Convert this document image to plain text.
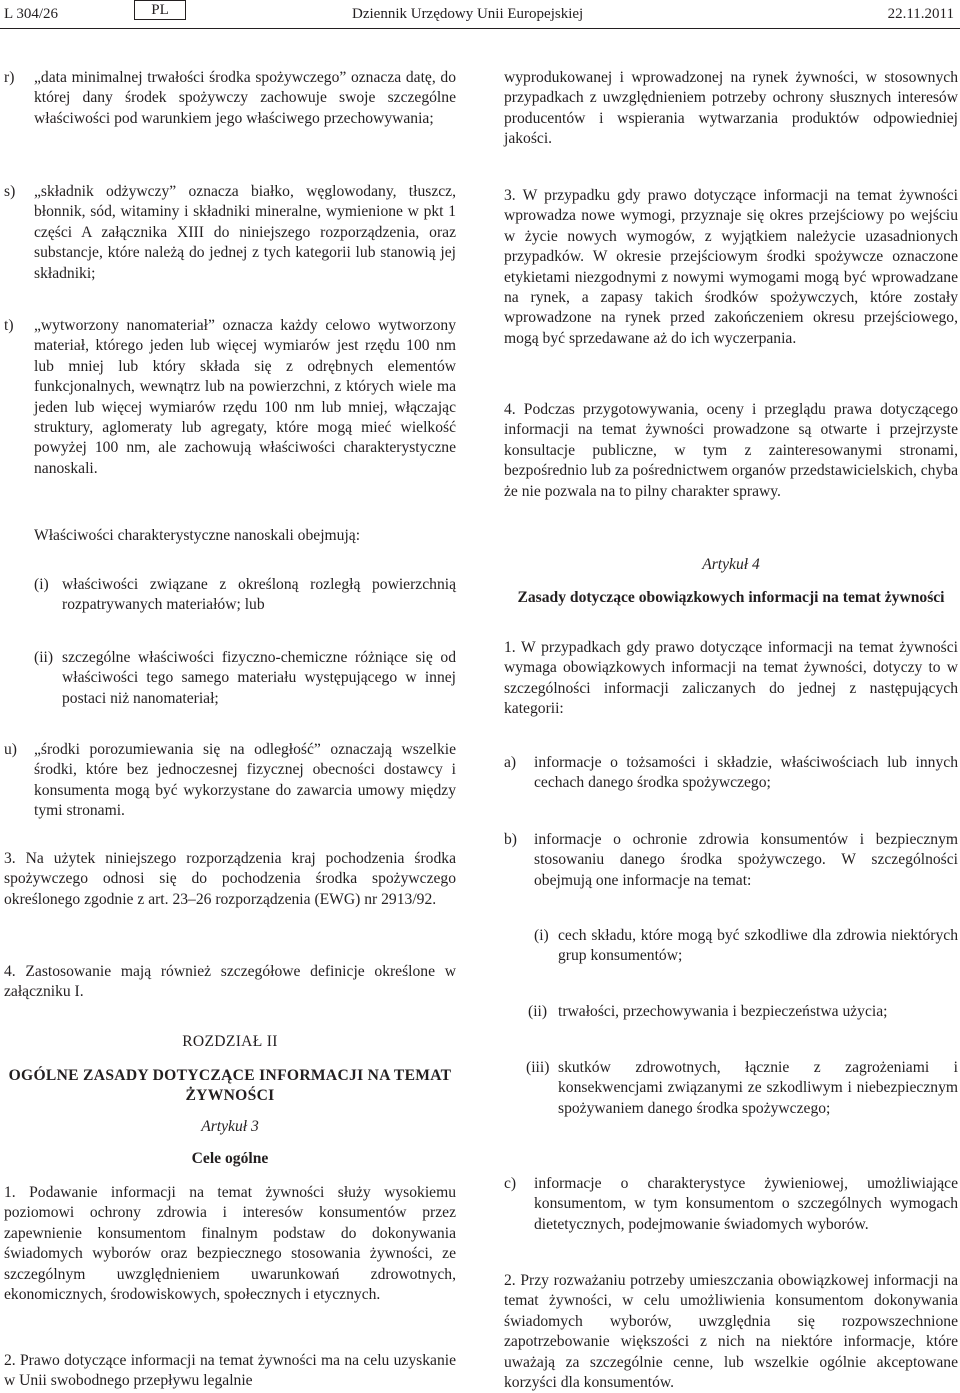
L 304/26	PL	Dziennik Urzędowy Unii Europejskiej	22.11.2011
r) „data minimalnej trwałości środka spożywczego” oznacza datę, do której dany środek spożywczy zachowuje swoje szczególne właściwości pod warunkiem jego właściwego przechowywania;
s) „składnik odżywczy” oznacza białko, węglowodany, tłuszcz, błonnik, sód, witaminy i składniki mineralne, wymienione w pkt 1 części A załącznika XIII do niniejszego rozporządzenia, oraz substancje, które należą do jednej z tych kategorii lub stanowią jej składniki;
t) „wytworzony nanomateriał” oznacza każdy celowo wytworzony materiał, którego jeden lub więcej wymiarów jest rzędu 100 nm lub mniej lub który składa się z odrębnych elementów funkcjonalnych, wewnątrz lub na powierzchni, z których wiele ma jeden lub więcej wymiarów rzędu 100 nm lub mniej, włączając struktury, aglomeraty lub agregaty, które mogą mieć wielkość powyżej 100 nm, ale zachowują właściwości charakterystyczne nanoskali.
Właściwości charakterystyczne nanoskali obejmują:
(i) właściwości związane z określoną rozległą powierzchnią rozpatrywanych materiałów; lub
(ii) szczególne właściwości fizyczno-chemiczne różniące się od właściwości tego samego materiału występującego w innej postaci niż nanomateriał;
u) „środki porozumiewania się na odległość” oznaczają wszelkie środki, które bez jednoczesnej fizycznej obecności dostawcy i konsumenta mogą być wykorzystane do zawarcia umowy między tymi stronami.
3. Na użytek niniejszego rozporządzenia kraj pochodzenia środka spożywczego odnosi się do pochodzenia środka spożywczego określonego zgodnie z art. 23–26 rozporządzenia (EWG) nr 2913/92.
4. Zastosowanie mają również szczegółowe definicje określone w załączniku I.
ROZDZIAŁ II
OGÓLNE ZASADY DOTYCZĄCE INFORMACJI NA TEMAT ŻYWNOŚCI
Artykuł 3
Cele ogólne
1. Podawanie informacji na temat żywności służy wysokiemu poziomowi ochrony zdrowia i interesów konsumentów przez zapewnienie konsumentom finalnym podstaw do dokonywania świadomych wyborów oraz bezpiecznego stosowania żywności, ze szczególnym uwzględnieniem uwarunkowań zdrowotnych, ekonomicznych, środowiskowych, społecznych i etycznych.
2. Prawo dotyczące informacji na temat żywności ma na celu uzyskanie w Unii swobodnego przepływu legalnie
wyprodukowanej i wprowadzonej na rynek żywności, w stosownych przypadkach z uwzględnieniem potrzeby ochrony słusznych interesów producentów i wspierania wytwarzania produktów odpowiedniej jakości.
3. W przypadku gdy prawo dotyczące informacji na temat żywności wprowadza nowe wymogi, przyznaje się okres przejściowy po wejściu w życie nowych wymogów, z wyjątkiem należycie uzasadnionych przypadków. W okresie przejściowym środki spożywcze oznaczone etykietami niezgodnymi z nowymi wymogami mogą być wprowadzane na rynek, a zapasy takich środków spożywczych, które zostały wprowadzone na rynek przed zakończeniem okresu przejściowego, mogą być sprzedawane aż do ich wyczerpania.
4. Podczas przygotowywania, oceny i przeglądu prawa dotyczącego informacji na temat żywności prowadzone są otwarte i przejrzyste konsultacje publiczne, w tym z zainteresowanymi stronami, bezpośrednio lub za pośrednictwem organów przedstawicielskich, chyba że nie pozwala na to pilny charakter sprawy.
Artykuł 4
Zasady dotyczące obowiązkowych informacji na temat żywności
1. W przypadkach gdy prawo dotyczące informacji na temat żywności wymaga obowiązkowych informacji na temat żywności, dotyczy to w szczególności informacji zaliczanych do jednej z następujących kategorii:
a) informacje o tożsamości i składzie, właściwościach lub innych cechach danego środka spożywczego;
b) informacje o ochronie zdrowia konsumentów i bezpiecznym stosowaniu danego środka spożywczego. W szczególności obejmują one informacje na temat:
(i) cech składu, które mogą być szkodliwe dla zdrowia niektórych grup konsumentów;
(ii) trwałości, przechowywania i bezpieczeństwa użycia;
(iii) skutków zdrowotnych, łącznie z zagrożeniami i konsekwencjami związanymi ze szkodliwym i niebezpiecznym spożywaniem danego środka spożywczego;
c) informacje o charakterystyce żywieniowej, umożliwiające konsumentom, w tym konsumentom o szczególnych wymogach dietetycznych, podejmowanie świadomych wyborów.
2. Przy rozważaniu potrzeby umieszczania obowiązkowej informacji na temat żywności, w celu umożliwienia konsumentom dokonywania świadomych wyborów, uwzględnia się rozpowszechnione zapotrzebowanie większości z nich na niektóre informacje, które uważają za szczególnie cenne, lub wszelkie ogólnie akceptowane korzyści dla konsumentów.
